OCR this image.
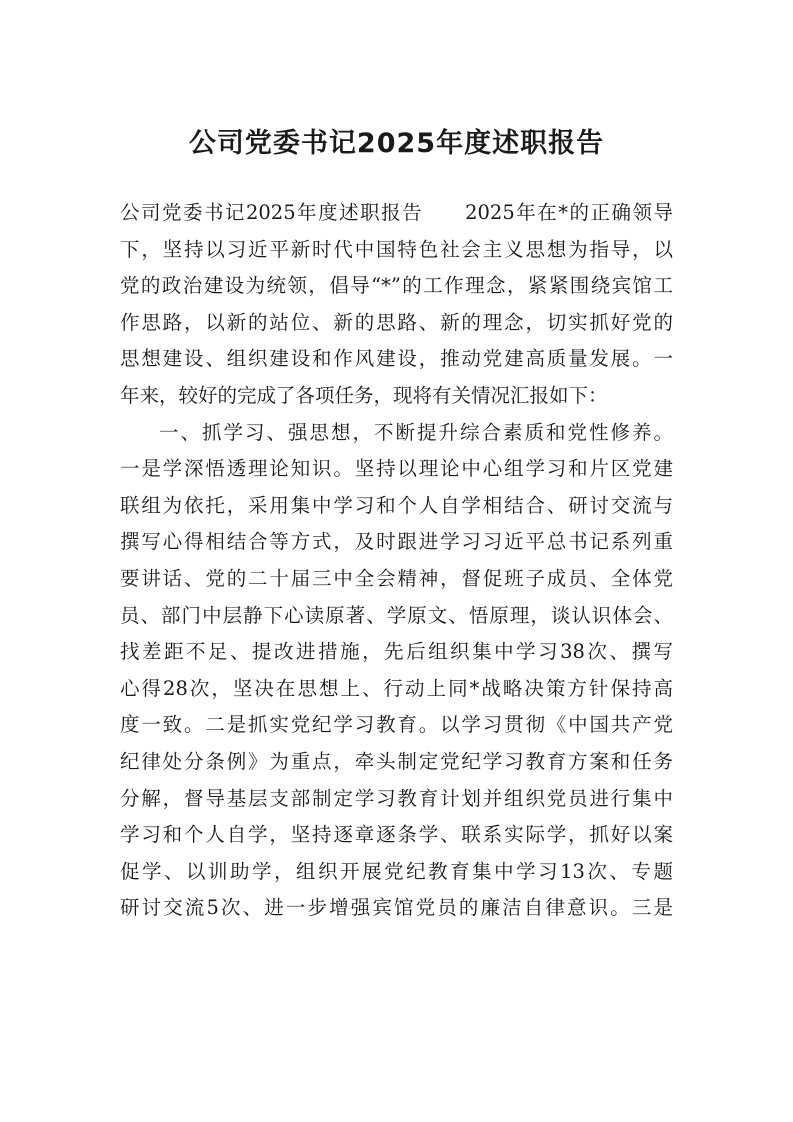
公司党委书记2025年度述职报告
公司党委书记2025年度述职报告　　2025年在*的正确领导
下，坚持以习近平新时代中国特色社会主义思想为指导，以
党的政治建设为统领，倡导“*”的工作理念，紧紧围绕宾馆工
作思路，以新的站位、新的思路、新的理念，切实抓好党的
思想建设、组织建设和作风建设，推动党建高质量发展。一
年来，较好的完成了各项任务，现将有关情况汇报如下：
一、抓学习、强思想，不断提升综合素质和党性修养。
一是学深悟透理论知识。坚持以理论中心组学习和片区党建
联组为依托，采用集中学习和个人自学相结合、研讨交流与
撰写心得相结合等方式，及时跟进学习习近平总书记系列重
要讲话、党的二十届三中全会精神，督促班子成员、全体党
员、部门中层静下心读原著、学原文、悟原理，谈认识体会、
找差距不足、提改进措施，先后组织集中学习38次、撰写
心得28次，坚决在思想上、行动上同*战略决策方针保持高
度一致。二是抓实党纪学习教育。以学习贯彻《中国共产党
纪律处分条例》为重点，牵头制定党纪学习教育方案和任务
分解，督导基层支部制定学习教育计划并组织党员进行集中
学习和个人自学，坚持逐章逐条学、联系实际学，抓好以案
促学、以训助学，组织开展党纪教育集中学习13次、专题
研讨交流5次、进一步增强宾馆党员的廉洁自律意识。三是
